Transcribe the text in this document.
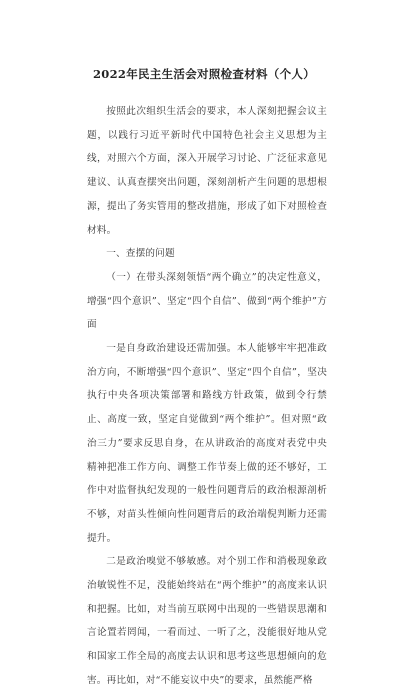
2022年民主生活会对照检查材料（个人）

按照此次组织生活会的要求，本人深刻把握会议主题，以践行习近平新时代中国特色社会主义思想为主线，对照六个方面，深入开展学习讨论、广泛征求意见建议、认真查摆突出问题，深刻剖析产生问题的思想根源，提出了务实管用的整改措施，形成了如下对照检查材料。

一、查摆的问题

（一）在带头深刻领悟“两个确立”的决定性意义，增强“四个意识”、坚定“四个自信”、做到“两个维护”方面

一是自身政治建设还需加强。本人能够牢牢把准政治方向，不断增强“四个意识”、坚定“四个自信”，坚决执行中央各项决策部署和路线方针政策，做到令行禁止、高度一致，坚定自觉做到“两个维护”。但对照“政治三力”要求反思自身，在从讲政治的高度对表党中央精神把准工作方向、调整工作节奏上做的还不够好，工作中对监督执纪发现的一般性问题背后的政治根源剖析不够，对苗头性倾向性问题背后的政治端倪判断力还需提升。

二是政治嗅觉不够敏感。对个别工作和消极现象政治敏锐性不足，没能始终站在“两个维护”的高度来认识和把握。比如，对当前互联网中出现的一些错误思潮和言论置若罔闻，一看而过、一听了之，没能很好地从党和国家工作全局的高度去认识和思考这些思想倾向的危害。再比如，对“不能妄议中央”的要求，虽然能严格
